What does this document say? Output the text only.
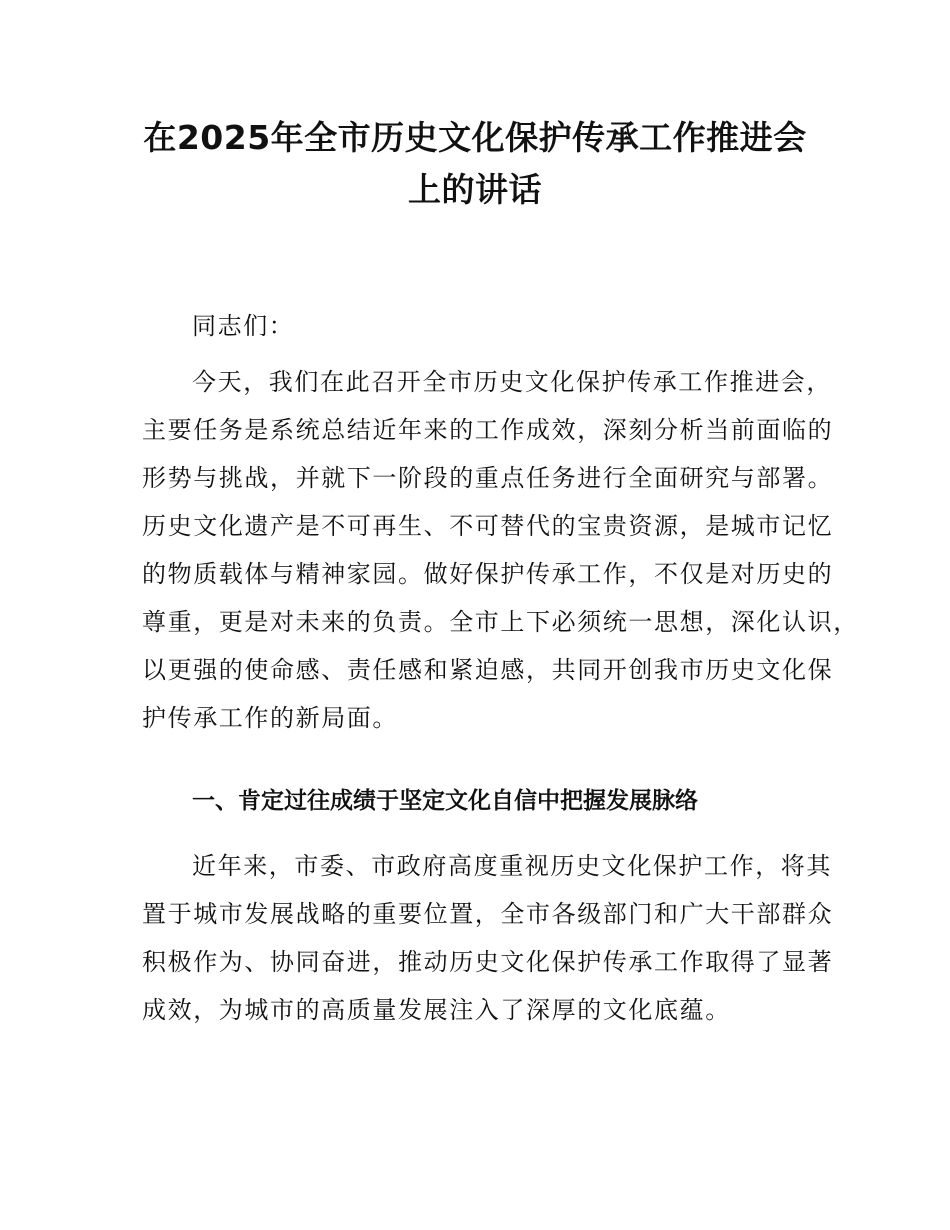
在2025年全市历史文化保护传承工作推进会
上的讲话
同志们：
今天，我们在此召开全市历史文化保护传承工作推进会，
主要任务是系统总结近年来的工作成效，深刻分析当前面临的
形势与挑战，并就下一阶段的重点任务进行全面研究与部署。
历史文化遗产是不可再生、不可替代的宝贵资源，是城市记忆
的物质载体与精神家园。做好保护传承工作，不仅是对历史的
尊重，更是对未来的负责。全市上下必须统一思想，深化认识，
以更强的使命感、责任感和紧迫感，共同开创我市历史文化保
护传承工作的新局面。
一、肯定过往成绩于坚定文化自信中把握发展脉络
近年来，市委、市政府高度重视历史文化保护工作，将其
置于城市发展战略的重要位置，全市各级部门和广大干部群众
积极作为、协同奋进，推动历史文化保护传承工作取得了显著
成效，为城市的高质量发展注入了深厚的文化底蕴。
